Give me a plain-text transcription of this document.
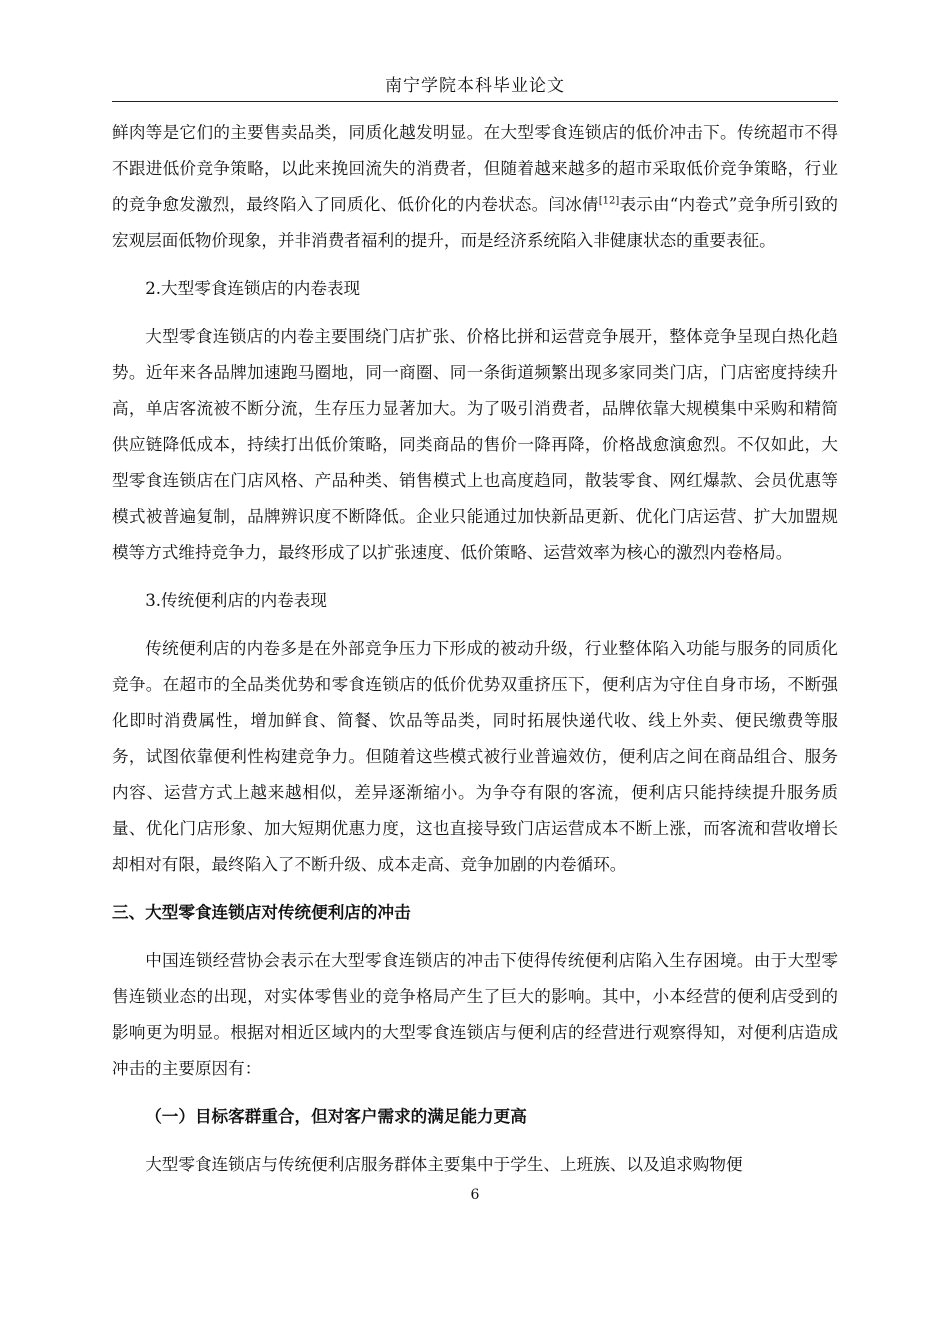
南宁学院本科毕业论文

鲜肉等是它们的主要售卖品类，同质化越发明显。在大型零食连锁店的低价冲击下。传统超市不得不跟进低价竞争策略，以此来挽回流失的消费者，但随着越来越多的超市采取低价竞争策略，行业的竞争愈发激烈，最终陷入了同质化、低价化的内卷状态。闫冰倩[12]表示由“内卷式”竞争所引致的宏观层面低物价现象，并非消费者福利的提升，而是经济系统陷入非健康状态的重要表征。

2.大型零食连锁店的内卷表现

大型零食连锁店的内卷主要围绕门店扩张、价格比拼和运营竞争展开，整体竞争呈现白热化趋势。近年来各品牌加速跑马圈地，同一商圈、同一条街道频繁出现多家同类门店，门店密度持续升高，单店客流被不断分流，生存压力显著加大。为了吸引消费者，品牌依靠大规模集中采购和精简供应链降低成本，持续打出低价策略，同类商品的售价一降再降，价格战愈演愈烈。不仅如此，大型零食连锁店在门店风格、产品种类、销售模式上也高度趋同，散装零食、网红爆款、会员优惠等模式被普遍复制，品牌辨识度不断降低。企业只能通过加快新品更新、优化门店运营、扩大加盟规模等方式维持竞争力，最终形成了以扩张速度、低价策略、运营效率为核心的激烈内卷格局。

3.传统便利店的内卷表现

传统便利店的内卷多是在外部竞争压力下形成的被动升级，行业整体陷入功能与服务的同质化竞争。在超市的全品类优势和零食连锁店的低价优势双重挤压下，便利店为守住自身市场，不断强化即时消费属性，增加鲜食、简餐、饮品等品类，同时拓展快递代收、线上外卖、便民缴费等服务，试图依靠便利性构建竞争力。但随着这些模式被行业普遍效仿，便利店之间在商品组合、服务内容、运营方式上越来越相似，差异逐渐缩小。为争夺有限的客流，便利店只能持续提升服务质量、优化门店形象、加大短期优惠力度，这也直接导致门店运营成本不断上涨，而客流和营收增长却相对有限，最终陷入了不断升级、成本走高、竞争加剧的内卷循环。

三、大型零食连锁店对传统便利店的冲击

中国连锁经营协会表示在大型零食连锁店的冲击下使得传统便利店陷入生存困境。由于大型零售连锁业态的出现，对实体零售业的竞争格局产生了巨大的影响。其中，小本经营的便利店受到的影响更为明显。根据对相近区域内的大型零食连锁店与便利店的经营进行观察得知，对便利店造成冲击的主要原因有：

（一）目标客群重合，但对客户需求的满足能力更高

大型零食连锁店与传统便利店服务群体主要集中于学生、上班族、以及追求购物便

6
